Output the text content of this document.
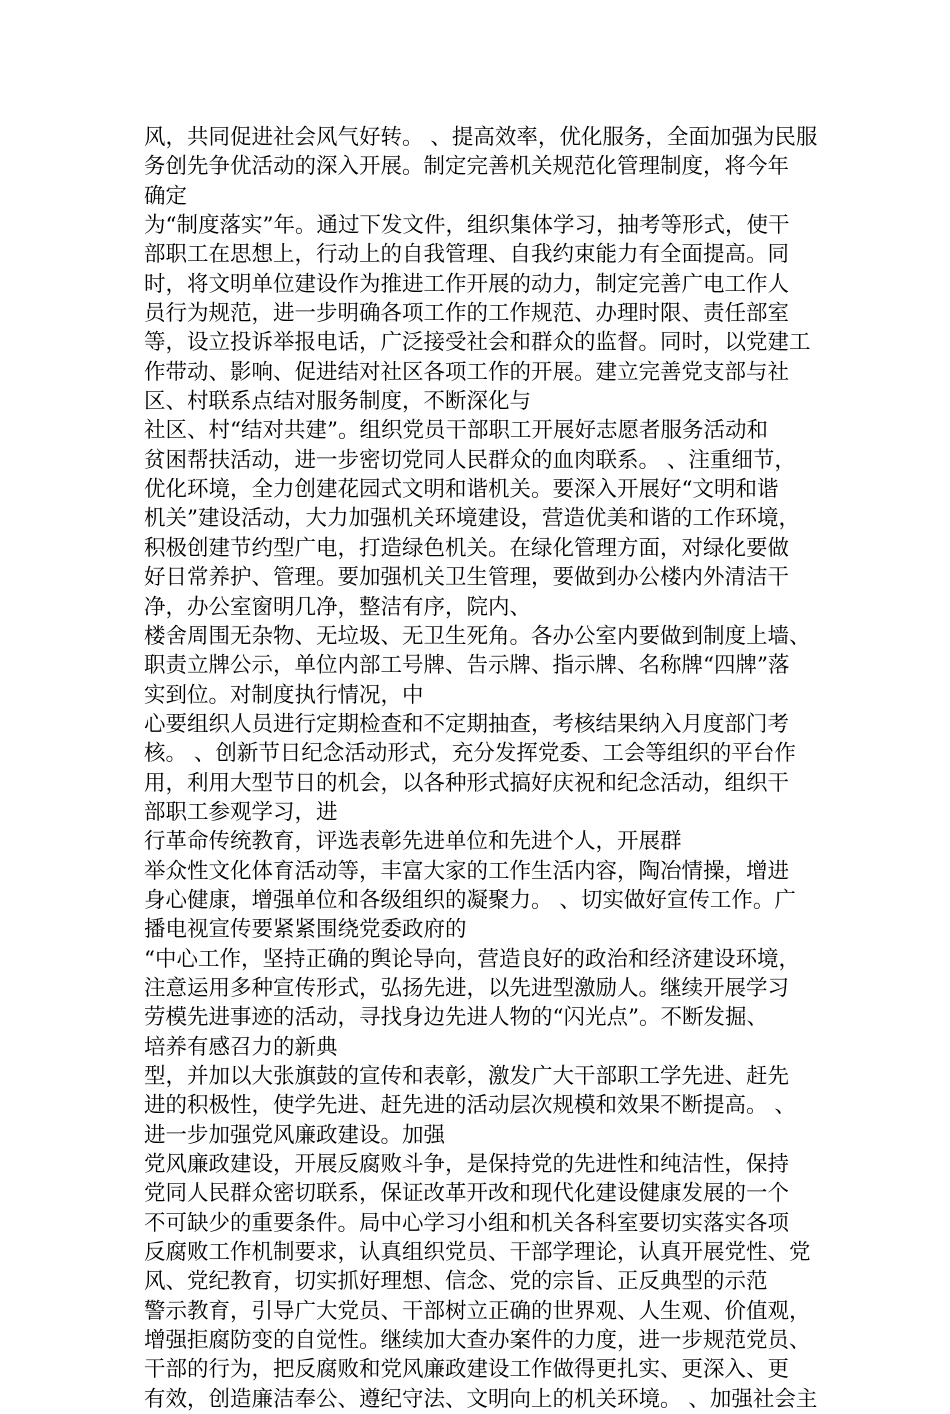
风，共同促进社会风气好转。 、提高效率，优化服务，全面加强为民服
务创先争优活动的深入开展。制定完善机关规范化管理制度，将今年
确定
为“制度落实”年。通过下发文件，组织集体学习，抽考等形式，使干
部职工在思想上，行动上的自我管理、自我约束能力有全面提高。同
时，将文明单位建设作为推进工作开展的动力，制定完善广电工作人
员行为规范，进一步明确各项工作的工作规范、办理时限、责任部室
等，设立投诉举报电话，广泛接受社会和群众的监督。同时，以党建工
作带动、影响、促进结对社区各项工作的开展。建立完善党支部与社
区、村联系点结对服务制度，不断深化与
社区、村“结对共建”。组织党员干部职工开展好志愿者服务活动和
贫困帮扶活动，进一步密切党同人民群众的血肉联系。 、注重细节，
优化环境，全力创建花园式文明和谐机关。要深入开展好“文明和谐
机关”建设活动，大力加强机关环境建设，营造优美和谐的工作环境，
积极创建节约型广电，打造绿色机关。在绿化管理方面，对绿化要做
好日常养护、管理。要加强机关卫生管理，要做到办公楼内外清洁干
净，办公室窗明几净，整洁有序，院内、
楼舍周围无杂物、无垃圾、无卫生死角。各办公室内要做到制度上墙、
职责立牌公示，单位内部工号牌、告示牌、指示牌、名称牌“四牌”落
实到位。对制度执行情况，中
心要组织人员进行定期检查和不定期抽查，考核结果纳入月度部门考
核。 、创新节日纪念活动形式，充分发挥党委、工会等组织的平台作
用，利用大型节日的机会，以各种形式搞好庆祝和纪念活动，组织干
部职工参观学习，进
行革命传统教育，评选表彰先进单位和先进个人，开展群
举众性文化体育活动等，丰富大家的工作生活内容，陶冶情操，增进
身心健康，增强单位和各级组织的凝聚力。 、切实做好宣传工作。广
播电视宣传要紧紧围绕党委政府的
“中心工作，坚持正确的舆论导向，营造良好的政治和经济建设环境，
注意运用多种宣传形式，弘扬先进，以先进型激励人。继续开展学习
劳模先进事迹的活动，寻找身边先进人物的“闪光点”。不断发掘、
培养有感召力的新典
型，并加以大张旗鼓的宣传和表彰，激发广大干部职工学先进、赶先
进的积极性，使学先进、赶先进的活动层次规模和效果不断提高。 、
进一步加强党风廉政建设。加强
党风廉政建设，开展反腐败斗争，是保持党的先进性和纯洁性，保持
党同人民群众密切联系，保证改革开改和现代化建设健康发展的一个
不可缺少的重要条件。局中心学习小组和机关各科室要切实落实各项
反腐败工作机制要求，认真组织党员、干部学理论，认真开展党性、党
风、党纪教育，切实抓好理想、信念、党的宗旨、正反典型的示范
警示教育，引导广大党员、干部树立正确的世界观、人生观、价值观，
增强拒腐防变的自觉性。继续加大查办案件的力度，进一步规范党员、
干部的行为，把反腐败和党风廉政建设工作做得更扎实、更深入、更
有效，创造廉洁奉公、遵纪守法、文明向上的机关环境。 、加强社会主
